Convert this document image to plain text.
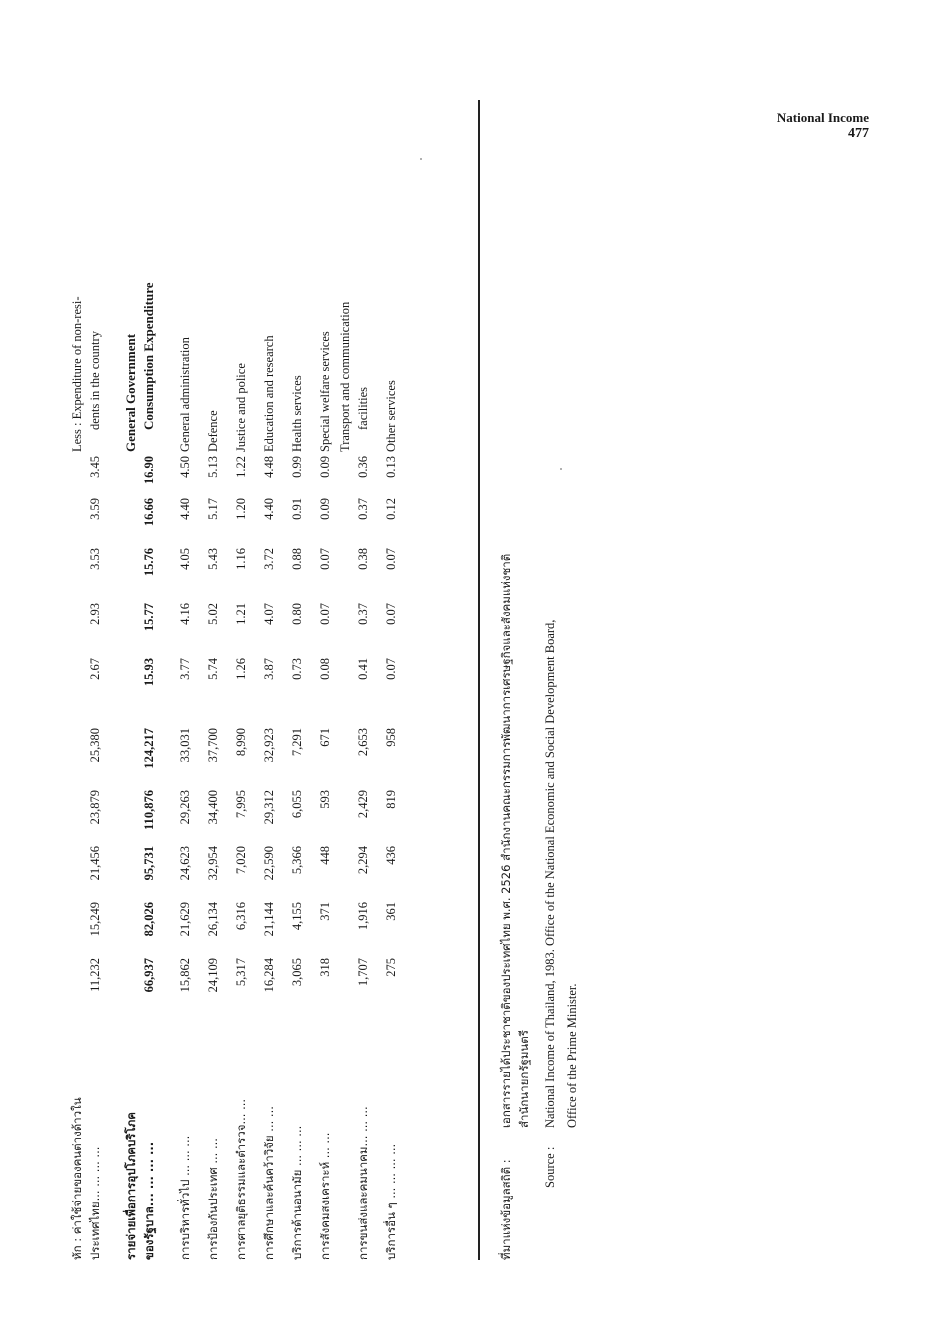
National Income
477
หัก : ค่าใช้จ่ายของคนต่างด้าวใน
Less : Expenditure of non-resi-
ประเทศไทย... ... ... ...
11,232
15,249
21,456
23,879
25,380
2.67
2.93
3.53
3.59
3.45
dents in the country
รายจ่ายเพื่อการอุปโภคบริโภค
General Government
ของรัฐบาล... ... ... ...
66,937
82,026
95,731
110,876
124,217
15.93
15.77
15.76
16.66
16.90
Consumption Expenditure
การบริหารทั่วไป ... ... ...
15,862
21,629
24,623
29,263
33,031
3.77
4.16
4.05
4.40
4.50
General administration
การป้องกันประเทศ ... ...
24,109
26,134
32,954
34,400
37,700
5.74
5.02
5.43
5.17
5.13
Defence
การศาลยุติธรรมและตำรวจ... ...
5,317
6,316
7,020
7,995
8,990
1.26
1.21
1.16
1.20
1.22
Justice and police
การศึกษาและค้นคว้าวิจัย ... ...
16,284
21,144
22,590
29,312
32,923
3.87
4.07
3.72
4.40
4.48
Education and research
บริการด้านอนามัย ... ... ...
3,065
4,155
5,366
6,055
7,291
0.73
0.80
0.88
0.91
0.99
Health services
การสังคมสงเคราะห์ ... ...
318
371
448
593
671
0.08
0.07
0.07
0.09
0.09
Special welfare services Transport and communication
การขนส่งและคมนาคม... ... ...
1,707
1,916
2,294
2,429
2,653
0.41
0.37
0.38
0.37
0.36
facilities
บริการอื่น ๆ ... ... ... ...
275
361
436
819
958
0.07
0.07
0.07
0.12
0.13
Other services
ที่มาแห่งข้อมูลสถิติ :
เอกสารรายได้ประชาชาติของประเทศไทย พ.ศ. 2526 สำนักงานคณะกรรมการพัฒนาการเศรษฐกิจและสังคมแห่งชาติ สำนักนายกรัฐมนตรี
Source :
National Income of Thailand, 1983. Office of the National Economic and Social Development Board, Office of the Prime Minister.
